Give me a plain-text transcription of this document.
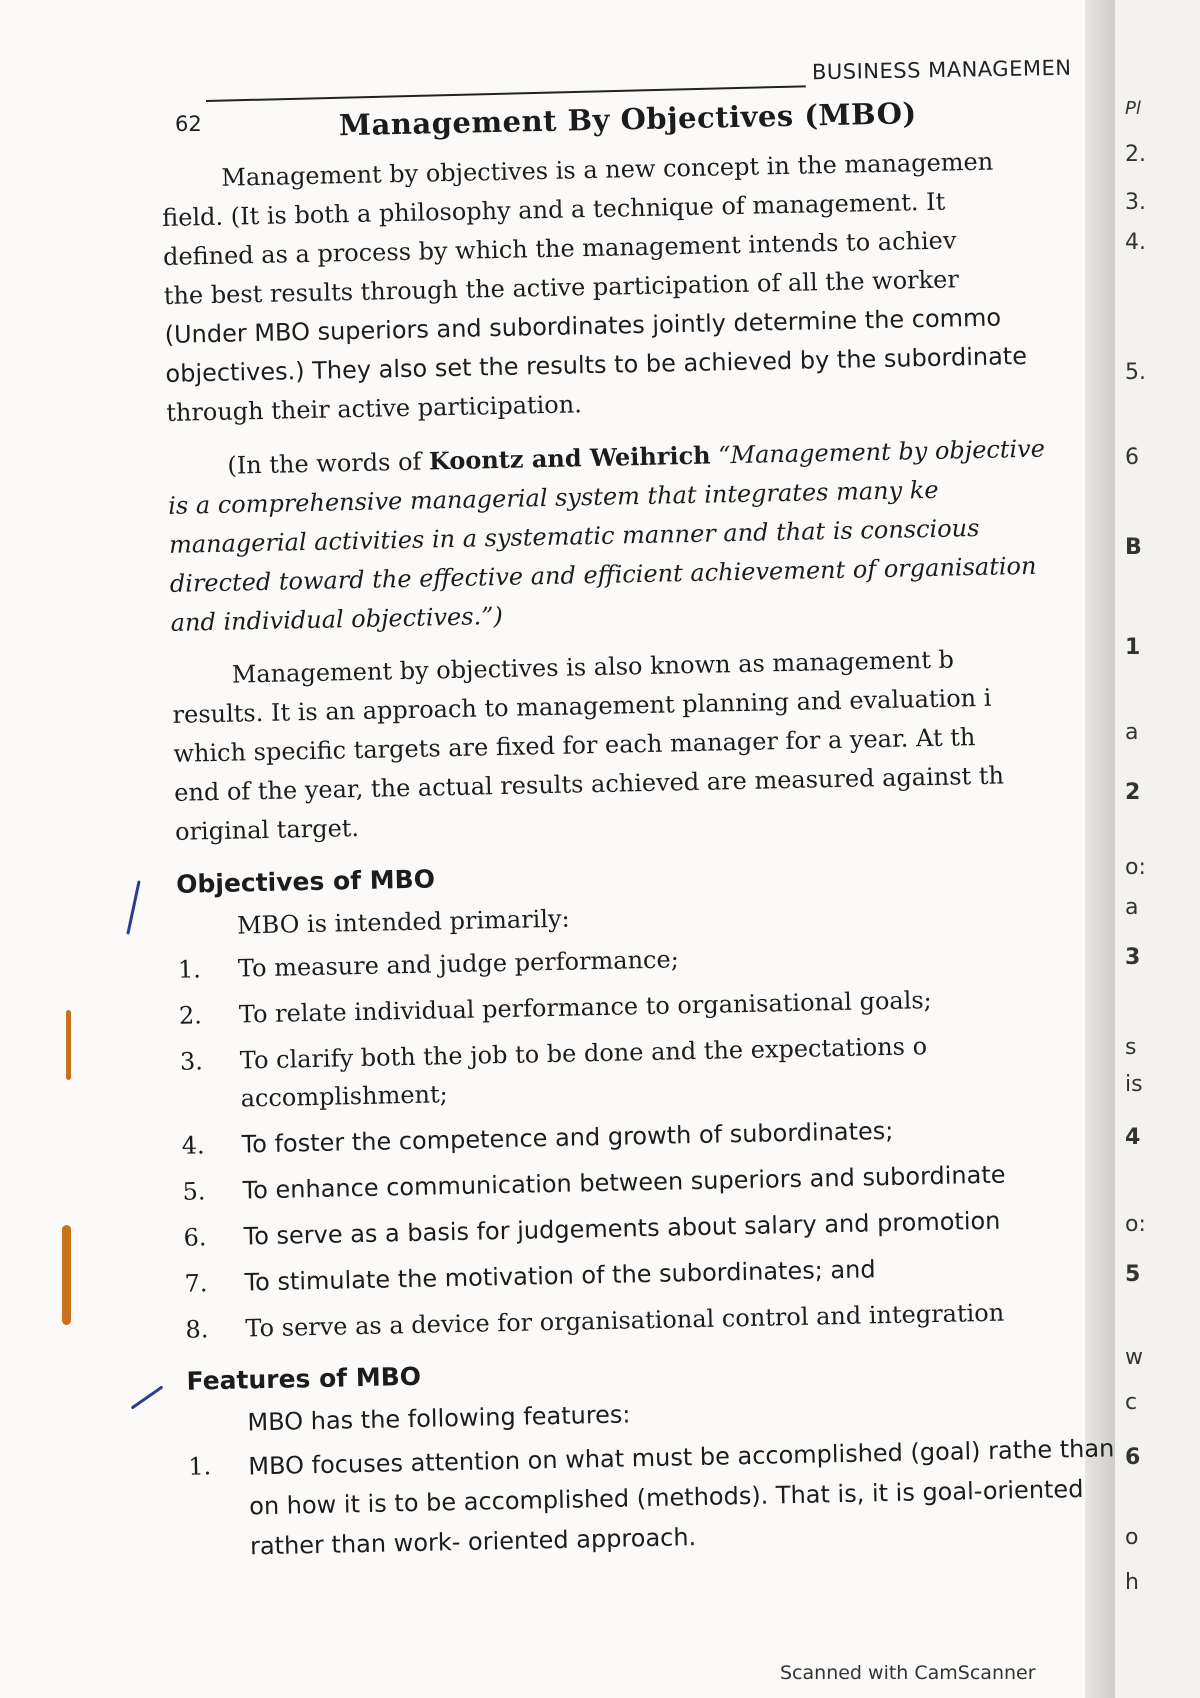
Pl
2.
3.
4.
5.
6
B
1
a
2
o:
a
3
s
is
4
o:
5
w
c
6
o
h
BUSINESS MANAGEMEN
62	Management By Objectives (MBO)

Management by objectives is a new concept in the managemen
field. (It is both a philosophy and a technique of management. It
defined as a process by which the management intends to achiev
the best results through the active participation of all the worker
(Under MBO superiors and subordinates jointly determine the commo
objectives.) They also set the results to be achieved by the subordinate
through their active participation.

(In the words of Koontz and Weihrich “Management by objective
is a comprehensive managerial system that integrates many ke
managerial activities in a systematic manner and that is conscious
directed toward the effective and efficient achievement of organisation
and individual objectives.”)

Management by objectives is also known as management b
results. It is an approach to management planning and evaluation i
which specific targets are fixed for each manager for a year. At th
end of the year, the actual results achieved are measured against th
original target.

Objectives of MBO
MBO is intended primarily:
1.	To measure and judge performance;
2.	To relate individual performance to organisational goals;
3.	To clarify both the job to be done and the expectations o
accomplishment;
4.	To foster the competence and growth of subordinates;
5.	To enhance communication between superiors and subordinate
6.	To serve as a basis for judgements about salary and promotion
7.	To stimulate the motivation of the subordinates; and
8.	To serve as a device for organisational control and integration
Features of MBO
MBO has the following features:
1.	MBO focuses attention on what must be accomplished (goal) rathe than on how it is to be accomplished (methods). That is, it is goal-oriented rather than work- oriented approach.
Scanned with CamScanner
